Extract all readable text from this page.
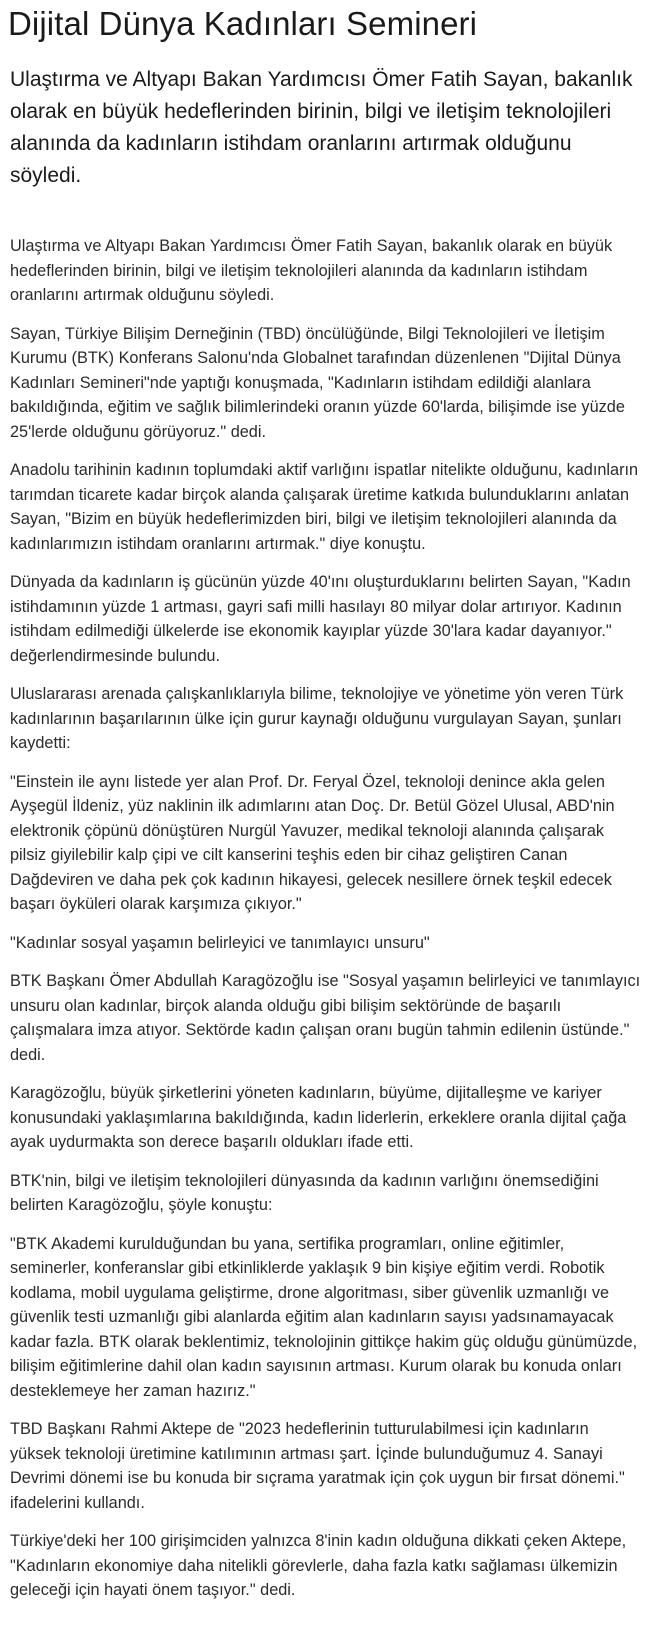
Dijital Dünya Kadınları Semineri

Ulaştırma ve Altyapı Bakan Yardımcısı Ömer Fatih Sayan, bakanlık olarak en büyük hedeflerinden birinin, bilgi ve iletişim teknolojileri alanında da kadınların istihdam oranlarını artırmak olduğunu söyledi.

Ulaştırma ve Altyapı Bakan Yardımcısı Ömer Fatih Sayan, bakanlık olarak en büyük hedeflerinden birinin, bilgi ve iletişim teknolojileri alanında da kadınların istihdam oranlarını artırmak olduğunu söyledi.

Sayan, Türkiye Bilişim Derneğinin (TBD) öncülüğünde, Bilgi Teknolojileri ve İletişim Kurumu (BTK) Konferans Salonu'nda Globalnet tarafından düzenlenen "Dijital Dünya Kadınları Semineri"nde yaptığı konuşmada, "Kadınların istihdam edildiği alanlara bakıldığında, eğitim ve sağlık bilimlerindeki oranın yüzde 60'larda, bilişimde ise yüzde 25'lerde olduğunu görüyoruz." dedi.

Anadolu tarihinin kadının toplumdaki aktif varlığını ispatlar nitelikte olduğunu, kadınların tarımdan ticarete kadar birçok alanda çalışarak üretime katkıda bulunduklarını anlatan Sayan, "Bizim en büyük hedeflerimizden biri, bilgi ve iletişim teknolojileri alanında da kadınlarımızın istihdam oranlarını artırmak." diye konuştu.

Dünyada da kadınların iş gücünün yüzde 40'ını oluşturduklarını belirten Sayan, "Kadın istihdamının yüzde 1 artması, gayri safi milli hasılayı 80 milyar dolar artırıyor. Kadının istihdam edilmediği ülkelerde ise ekonomik kayıplar yüzde 30'lara kadar dayanıyor." değerlendirmesinde bulundu.

Uluslararası arenada çalışkanlıklarıyla bilime, teknolojiye ve yönetime yön veren Türk kadınlarının başarılarının ülke için gurur kaynağı olduğunu vurgulayan Sayan, şunları kaydetti:

"Einstein ile aynı listede yer alan Prof. Dr. Feryal Özel, teknoloji denince akla gelen Ayşegül İldeniz, yüz naklinin ilk adımlarını atan Doç. Dr. Betül Gözel Ulusal, ABD'nin elektronik çöpünü dönüştüren Nurgül Yavuzer, medikal teknoloji alanında çalışarak pilsiz giyilebilir kalp çipi ve cilt kanserini teşhis eden bir cihaz geliştiren Canan Dağdeviren ve daha pek çok kadının hikayesi, gelecek nesillere örnek teşkil edecek başarı öyküleri olarak karşımıza çıkıyor."

"Kadınlar sosyal yaşamın belirleyici ve tanımlayıcı unsuru"

BTK Başkanı Ömer Abdullah Karagözoğlu ise "Sosyal yaşamın belirleyici ve tanımlayıcı unsuru olan kadınlar, birçok alanda olduğu gibi bilişim sektöründe de başarılı çalışmalara imza atıyor. Sektörde kadın çalışan oranı bugün tahmin edilenin üstünde." dedi.

Karagözoğlu, büyük şirketlerini yöneten kadınların, büyüme, dijitalleşme ve kariyer konusundaki yaklaşımlarına bakıldığında, kadın liderlerin, erkeklere oranla dijital çağa ayak uydurmakta son derece başarılı oldukları ifade etti.

BTK'nin, bilgi ve iletişim teknolojileri dünyasında da kadının varlığını önemsediğini belirten Karagözoğlu, şöyle konuştu:

"BTK Akademi kurulduğundan bu yana, sertifika programları, online eğitimler, seminerler, konferanslar gibi etkinliklerde yaklaşık 9 bin kişiye eğitim verdi. Robotik kodlama, mobil uygulama geliştirme, drone algoritması, siber güvenlik uzmanlığı ve güvenlik testi uzmanlığı gibi alanlarda eğitim alan kadınların sayısı yadsınamayacak kadar fazla. BTK olarak beklentimiz, teknolojinin gittikçe hakim güç olduğu günümüzde, bilişim eğitimlerine dahil olan kadın sayısının artması. Kurum olarak bu konuda onları desteklemeye her zaman hazırız."

TBD Başkanı Rahmi Aktepe de "2023 hedeflerinin tutturulabilmesi için kadınların yüksek teknoloji üretimine katılımının artması şart. İçinde bulunduğumuz 4. Sanayi Devrimi dönemi ise bu konuda bir sıçrama yaratmak için çok uygun bir fırsat dönemi." ifadelerini kullandı.

Türkiye'deki her 100 girişimciden yalnızca 8'inin kadın olduğuna dikkati çeken Aktepe, "Kadınların ekonomiye daha nitelikli görevlerle, daha fazla katkı sağlaması ülkemizin geleceği için hayati önem taşıyor." dedi.
